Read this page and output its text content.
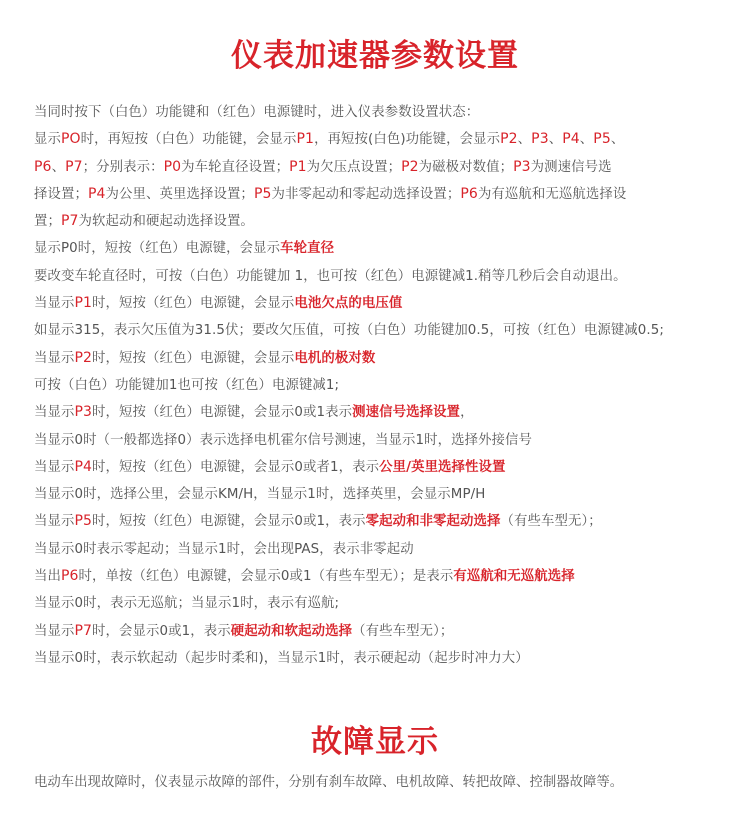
仪表加速器参数设置
当同时按下（白色）功能键和（红色）电源键时，进入仪表参数设置状态：
显示PO时，再短按（白色）功能键，会显示P1，再短按(白色)功能键，会显示P2、P3、P4、P5、
P6、P7；分别表示：P0为车轮直径设置；P1为欠压点设置；P2为磁极对数值；P3为测速信号选
择设置；P4为公里、英里选择设置；P5为非零起动和零起动选择设置；P6为有巡航和无巡航选择设
置；P7为软起动和硬起动选择设置。
显示P0时，短按（红色）电源键，会显示车轮直径
要改变车轮直径时，可按（白色）功能键加 1，也可按（红色）电源键减1.稍等几秒后会自动退出。
当显示P1时，短按（红色）电源键，会显示电池欠点的电压值
如显示315，表示欠压值为31.5伏；要改欠压值，可按（白色）功能键加0.5，可按（红色）电源键减0.5;
当显示P2时，短按（红色）电源键，会显示电机的极对数
可按（白色）功能键加1也可按（红色）电源键减1;
当显示P3时，短按（红色）电源键，会显示0或1表示测速信号选择设置，
当显示0时（一般都选择0）表示选择电机霍尔信号测速，当显示1时，选择外接信号
当显示P4时，短按（红色）电源键，会显示0或者1，表示公里/英里选择性设置
当显示0时，选择公里，会显示KM/H，当显示1时，选择英里，会显示MP/H
当显示P5时，短按（红色）电源键，会显示0或1，表示零起动和非零起动选择（有些车型无）；
当显示0时表示零起动；当显示1时，会出现PAS，表示非零起动
当出P6时，单按（红色）电源键，会显示0或1（有些车型无）；是表示有巡航和无巡航选择
当显示0时，表示无巡航；当显示1时，表示有巡航;
当显示P7时，会显示0或1，表示硬起动和软起动选择（有些车型无）；
当显示0时，表示软起动（起步时柔和)，当显示1时，表示硬起动（起步时冲力大）
故障显示
电动车出现故障时，仪表显示故障的部件，分别有刹车故障、电机故障、转把故障、控制器故障等。
